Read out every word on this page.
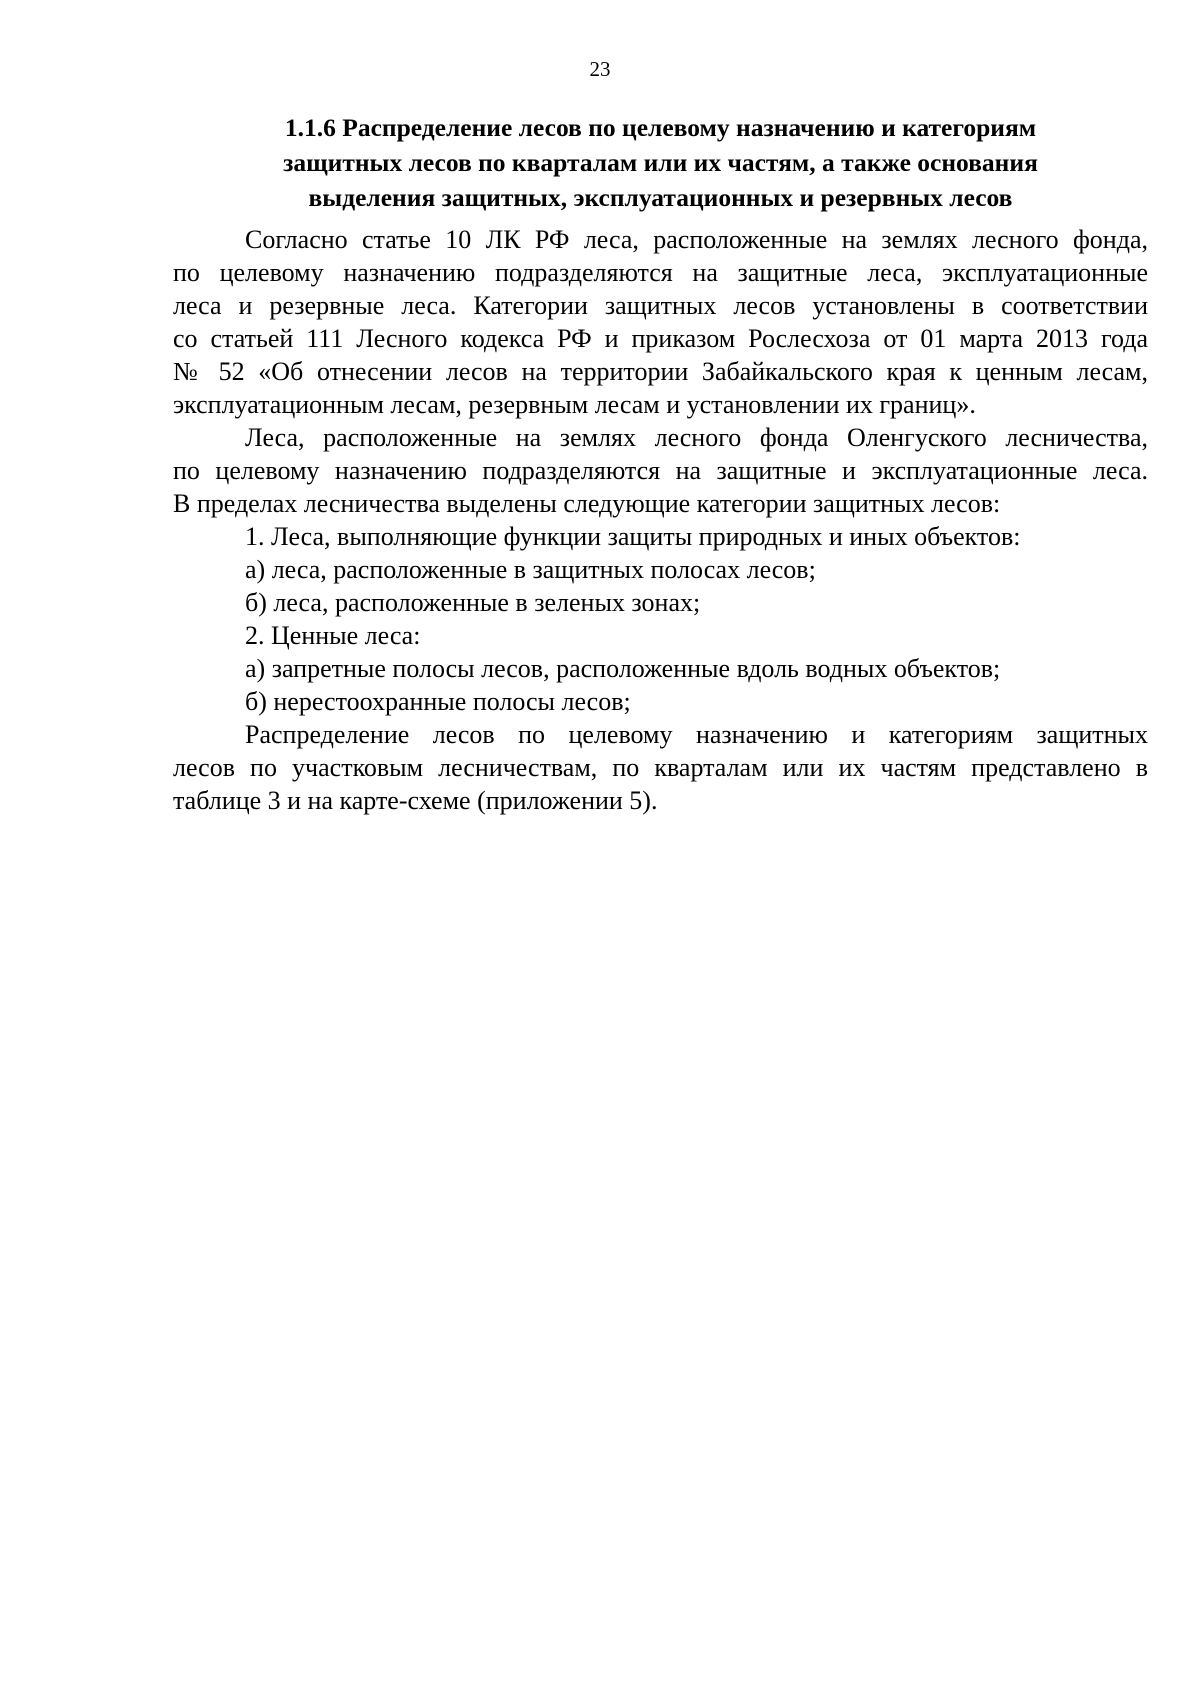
23
1.1.6 Распределение лесов по целевому назначению и категориям
защитных лесов по кварталам или их частям, а также основания
выделения защитных, эксплуатационных и резервных лесов
Согласно статье 10 ЛК РФ леса, расположенные на землях лесного фонда,
по целевому назначению подразделяются на защитные леса, эксплуатационные
леса и резервные леса. Категории защитных лесов установлены в соответствии
со статьей 111 Лесного кодекса РФ и приказом Рослесхоза от 01 марта 2013 года
№ 52 «Об отнесении лесов на территории Забайкальского края к ценным лесам,
эксплуатационным лесам, резервным лесам и установлении их границ».
Леса, расположенные на землях лесного фонда Оленгуского лесничества,
по целевому назначению подразделяются на защитные и эксплуатационные леса.
В пределах лесничества выделены следующие категории защитных лесов:
1. Леса, выполняющие функции защиты природных и иных объектов:
а) леса, расположенные в защитных полосах лесов;
б) леса, расположенные в зеленых зонах;
2. Ценные леса:
а) запретные полосы лесов, расположенные вдоль водных объектов;
б) нерестоохранные полосы лесов;
Распределение лесов по целевому назначению и категориям защитных
лесов по участковым лесничествам, по кварталам или их частям представлено в
таблице 3 и на карте-схеме (приложении 5).
